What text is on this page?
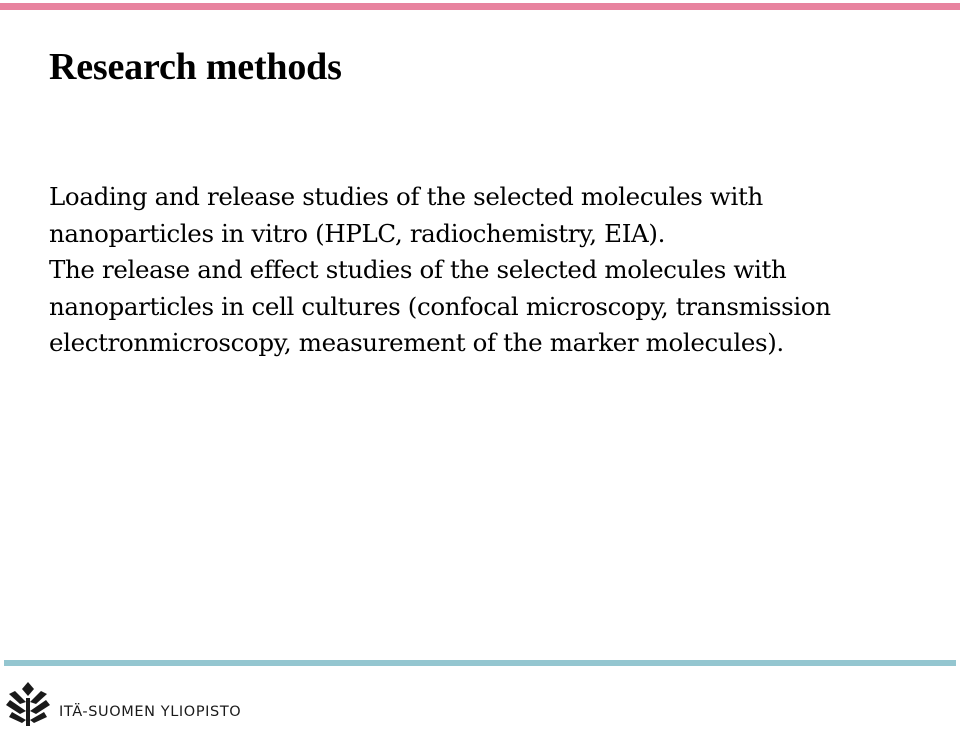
Research methods

Loading and release studies of the selected molecules with
nanoparticles in vitro (HPLC, radiochemistry, EIA).

The release and effect studies of the selected molecules with
nanoparticles in cell cultures (confocal microscopy, transmission
electronmicroscopy, measurement of the marker molecules).

ITÄ-SUOMEN YLIOPISTO
